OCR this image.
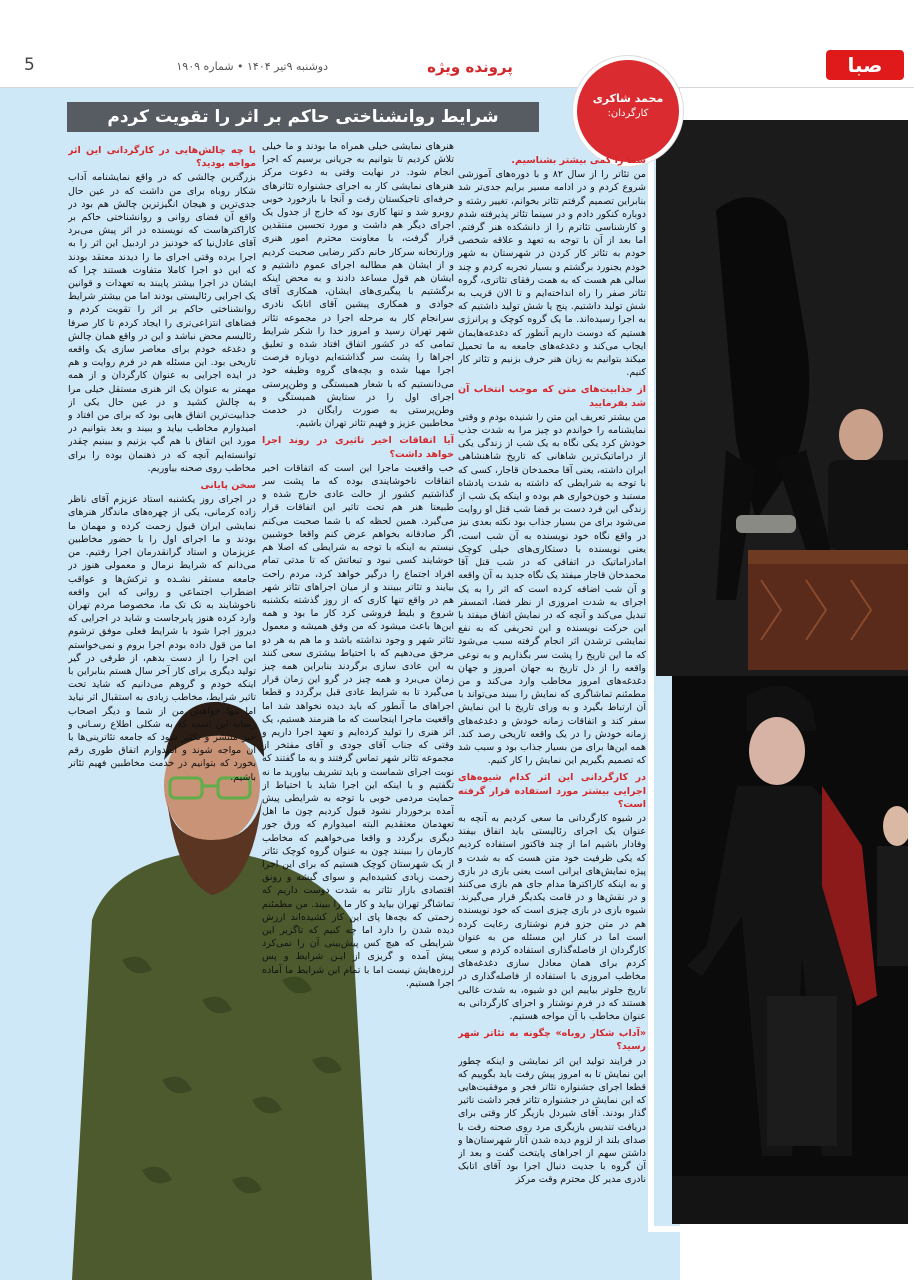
صبا
پرونده ویژه
دوشنبه ۹تیر ۱۴۰۴ • شماره ۱۹۰۹
5
شرایط روانشناختی حاکم بر اثر را تقویت کردم
محمد شاکری
کارگردان:
شما را کمی بیشتر بشناسیم.

من تئاتر را از سال ۸۲ و با دوره‌های آموزشی شروع کردم و در ادامه مسیر برایم جدی‌تر شد بنابراین تصمیم گرفتم تئاتر بخوانم، تغییر رشته و دوباره کنکور دادم و در سینما تئاتر پذیرفته شدم و کارشناسی تئاترم را از دانشکده هنر گرفتم. اما بعد از آن با توجه به تعهد و علاقه شخصی خودم به تئاتر کار کردن در شهرستان به شهر خودم بجنورد برگشتم و بسیار تجربه کردم و چند سالی هم هست که به همت رفقای تئاتری، گروه تئاتر صفر را راه انداخته‌ایم و تا الان قریب به شش تولید داشتیم. پنج یا شش تولید داشتیم که به اجرا رسیده‌اند. ما یک گروه کوچک و پرانرژی هستیم که دوست داریم آنطور که دغدغه‌هایمان ایجاب می‌کند و دغدغه‌های جامعه به ما تحمیل میکند بتوانیم به زبان هنر حرف بزنیم و تئاتر کار کنیم.

از جذابیت‌های متن که موجب انتخاب آن شد بفرمایید

من بیشتر تعریف این متن را شنیده بودم و وقتی نمایشنامه را خواندم دو چیز مرا به شدت جذب خودش کرد یکی نگاه به یک شب از زندگی یکی از دراماتیک‌ترین شاهانی که تاریخ شاهنشاهی ایران داشته، یعنی آقا محمدخان قاجار، کسی که با توجه به شرایطی که داشته به شدت پادشاه مستبد و خون‌خواری هم بوده و اینکه یک شب از زندگی این فرد دست بر قضا شب قتل او روایت می‌شود برای من بسیار جذاب بود نکته بعدی نیز در واقع نگاه خود نویسنده به آن شب است، یعنی نویسنده با دستکاری‌های خیلی کوچک امادراماتیک در اتفاقی که در شب قتل آقا محمدخان قاجار میفتد یک نگاه جدید به آن واقعه و آن شب اضافه کرده است که اثر را به یک اجرای به شدت امروزی از نظر فضا، اتمسفر تبدیل می‌کند و آنچه که در نمایش اتفاق میفتد با این حرکت نویسنده و این تحریفی که به نفع نمایشی ترشدن اثر انجام گرفته سبب می‌شود که ما این تاریخ را پشت سر بگذاریم و به نوعی واقعه را از دل تاریخ به جهان امروز و جهان دغدغه‌های امروز مخاطب وارد می‌کند و من مطمئنم تماشاگری که نمایش را ببیند می‌تواند با آن ارتباط بگیرد و به ورای تاریخ با این نمایش سفر کند و اتفاقات زمانه خودش و دغدغه‌های زمانه خودش را در یک واقعه تاریخی رصد کند. همه این‌ها برای من بسیار جذاب بود و سبب شد که تصمیم بگیریم این نمایش را کار کنیم.

در کارگردانی این اثر کدام شیوه‌های اجرایی بیشتر مورد استفاده قرار گرفته است؟

در شیوه کارگردانی ما سعی کردیم به آنچه به عنوان یک اجرای رئالیستی باید اتفاق بیفتد وفادار باشیم اما از چند فاکتور استفاده کردیم که یکی ظرفیت خود متن هست که به شدت و پیژه نمایش‌های ایرانی است یعنی بازی در بازی و به اینکه کاراکترها مدام جای هم بازی می‌کنند و در نقش‌ها و در قامت یکدیگر قرار می‌گیرند. شیوه بازی در بازی چیزی است که خود نویسنده هم در متن جزو فرم نوشتاری رعایت کرده است اما در کنار این مسئله من به عنوان کارگردان از فاصله‌گذاری استفاده کردم و سعی کردم برای همان معادل سازی دغدغه‌های مخاطب امروزی با استفاده از فاصله‌گذاری در تاریخ جلوتر بیاییم این دو شیوه، به شدت غالبی هستند که در فرم نوشتار و اجرای کارگردانی به عنوان مخاطب با آن مواجه هستیم.

«آداب شکار روباه» چگونه به تئاتر شهر رسید؟

در فرایند تولید این اثر نمایشی و اینکه چطور این نمایش تا به امروز پیش رفت باید بگوییم که قطعا اجرای جشنواره تئاتر فجر و موفقیت‌هایی که این نمایش در جشنواره تئاتر فجر داشت تاثیر گذار بودند. آقای شیردل بازیگر کار وقتی برای دریافت تندیس بازیگری مرد روی صحنه رفت با صدای بلند از لزوم دیده شدن آثار شهرستان‌ها و داشتن سهم از اجراهای پایتخت گفت و بعد از آن گروه با جدیت دنبال اجرا بود آقای اتابک نادری مدیر کل محترم وقت مرکز

هنرهای نمایشی خیلی همراه ما بودند و ما خیلی تلاش کردیم تا بتوانیم به جریانی برسیم که اجرا انجام شود. در نهایت وقتی به دعوت مرکز هنرهای نمایشی کار به اجرای جشنواره تئاترهای حرفه‌ای تاجیکستان رفت و آنجا با بازخورد خوبی روبرو شد و تنها کاری بود که خارج از جدول یک اجرای دیگر هم داشت و مورد تحسین منتقدین قرار گرفت، با معاونت محترم امور هنری وزارتخانه سرکار خانم دکتر رضایی صحبت کردیم و از ایشان هم مطالبه اجرای عموم داشتیم و ایشان هم قول مساعد دادند و به محض اینکه برگشتیم با پیگیری‌های ایشان، همکاری آقای جوادی و همکاری پیشین آقای اتابک نادری سرانجام کار به مرحله اجرا در مجموعه تئاتر شهر تهران رسید و امروز خدا را شکر شرایط تمامی که در کشور اتفاق افتاد شده و تعلیق اجراها را پشت سر گذاشته‌ایم دوباره فرصت اجرا مهیا شده و بچه‌های گروه وظیفه خود می‌دانستیم که با شعار همبستگی و وطن‌پرستی اجرای اول را در ستایش همبستگی و وطن‌پرستی به صورت رایگان در خدمت مخاطبین عزیز و فهیم تئاتر تهران باشیم.

آیا اتفاقات اخیر تاثیری در روند اجرا خواهد داشت؟

خب واقعیت ماجرا این است که اتفاقات اخیر اتفاقات ناخوشایندی بوده که ما پشت سر گذاشتیم کشور از حالت عادی خارج شده و طبیعتا هنر هم تحت تاثیر این اتفاقات قرار می‌گیرد. همین لحظه که با شما صحبت می‌کنم اگر صادقانه بخواهم عرض کنم واقعا خوشبین نیستم به اینکه با توجه به شرایطی که اصلا هم خوشایند کسی نبود و تبعاتش که تا مدتی تمام افراد اجتماع را درگیر خواهد کرد، مردم راحت بیایند و تئاتر ببینند و از میان اجراهای تئاتر شهر هم در واقع تنها کاری که از روز گذشته بکشنبه شروع و بلیط فروشی کرد کار ما بود و همه این‌ها باعث میشود که من وفق همیشه و معمول تئاتر شهر و وجود نداشته باشد و ما هم به هر دو مرحق می‌دهیم که با احتیاط بیشتری سعی کنند به این عادی سازی برگردند بنابراین همه چیز زمان می‌برد و همه چیز در گرو این زمان قرار می‌گیرد تا به شرایط عادی قبل برگردد و قطعا اجراهای ما آنطور که باید دیده نخواهد شد اما واقعیت ماجرا اینجاست که ما هنرمند هستیم، یک اثر هنری را تولید کرده‌ایم و تعهد اجرا داریم و وقتی که جناب آقای جودی و آقای مفتخر از مجموعه تئاتر شهر تماس گرفتند و به ما گفتند که نوبت اجرای شماست و باید تشریف بیاورید ما نه تگفتیم و با اینکه این اجرا شاید با احتیاط از حمایت مردمی خوبی با توجه به شرایطی پیش آمده برخوردار نشود قبول کردیم چون ما اهل تعهدمان معتقدیم البته امیدوارم که ورق جور دیگری برگردد و واقعا می‌خواهیم که مخاطب کارمان را ببینند چون به عنوان گروه کوچک تئاتر از یک شهرستان کوچک هستیم که برای این اجرا زحمت زیادی کشیده‌ایم و سوای گیشه و رونق اقتصادی بازار تئاتر به شدت دوست داریم که تماشاگر تهران بیاید و کار ما را ببیند. من مطمئنم زحمتی که بچه‌ها پای این کار کشیده‌اند ارزش دیده شدن را دارد اما چه کنیم که تاگزیر این شرایطی که هیچ کس پیش‌بینی آن را نمی‌کرد پیش آمده و گریزی از ایـن شرایط و پس لرزه‌هایش نیست اما با تمام این شرایط ما آماده اجرا هستیم.

با چه چالش‌هایی در کارگردانی این اثر مواجه بودید؟

بزرگترین چالشی که در واقع نمایشنامه آداب شکار روباه برای من داشت که در عین حال جدی‌ترین و هیجان انگیزترین چالش هم بود در واقع آن فضای روانی و روانشناختی حاکم بر کاراکترهاست که نویسنده در اثر پیش می‌برد آقای عادل‌نیا که خودنیز در اردبیل این اثر را به اجرا برده وقتی اجرای ما را دیدند معتقد بودند که این دو اجرا کاملا متفاوت هستند چرا که ایشان در اجرا بیشتر پایبند به تعهدات و قوانین یک اجرایی رئالیستی بودند اما من بیشتر شرایط روانشناختی حاکم بر اثر را تقویت کردم و فضاهای انتزاعی‌تری را ایجاد کردم تا کار صرفا رئالیسم محض نباشد و این در واقع همان چالش و دغدغه خودم برای معاصر سازی یک واقعه تاریخی بود. این مسئله هم در فرم روایت و هم در ایده اجرایی به عنوان کارگردان و از همه مهمتر به عنوان یک اثر هنری مستقل خیلی مرا به چالش کشید و در عین حال یکی از جذابیت‌ترین اتفاق هایی بود که برای من افتاد و امیدوارم مخاطب بیاید و ببیند و بعد بتوانیم در مورد این اتفاق با هم گپ بزنیم و ببینیم چقدر توانسته‌ایم آنچه که در ذهنمان بوده را برای مخاطب روی صحنه بیاوریم.

سخن پایانی

در اجرای روز یکشنبه استاد عزیزم آقای ناظر زاده کرمانی، یکی از چهره‌های ماندگار هنرهای نمایشی ایران قبول زحمت کرده و مهمان ما بودند و ما اجرای اول را با حضور مخاطبین عزیزمان و استاد گرانقدرمان اجرا رفتیم. من می‌دانم که شرایط نرمال و معمولی هنوز در جامعه مستقر نشـده و ترکش‌ها و عواقب اضطراب اجتماعی و روانی که این واقعه ناخوشایند به تک تک ما، مخصوصا مردم تهران وارد کرده هنوز پابرجاست و شاید در اجرایی که دیروز اجرا شود با شرایط فعلی موفق ترشوم اما من قول داده بودم اجرا بروم و نمی‌خواستم این اجرا را از دست بدهم، از طرفی در گیر تولید دیگری برای کار آخر سال هستم بنابراین با اینکه خودم و گروهم می‌دانیم که شاید تحت تاثیر شرایط، مخاطب زیادی به استقبال اثر نیاید اما تنها خواهش من از شما و دیگر اصحاب رسانه این است که به شکلی اطلاع رسـانی و خبر منتشر و تکثیر شود که جامعه تئاترینی‌ها با آن مواجه شوند و امیدوارم اتفاق طوری رقم بخورد که بتوانیم در خدمت مخاطبین فهیم تئاتر باشیم.
